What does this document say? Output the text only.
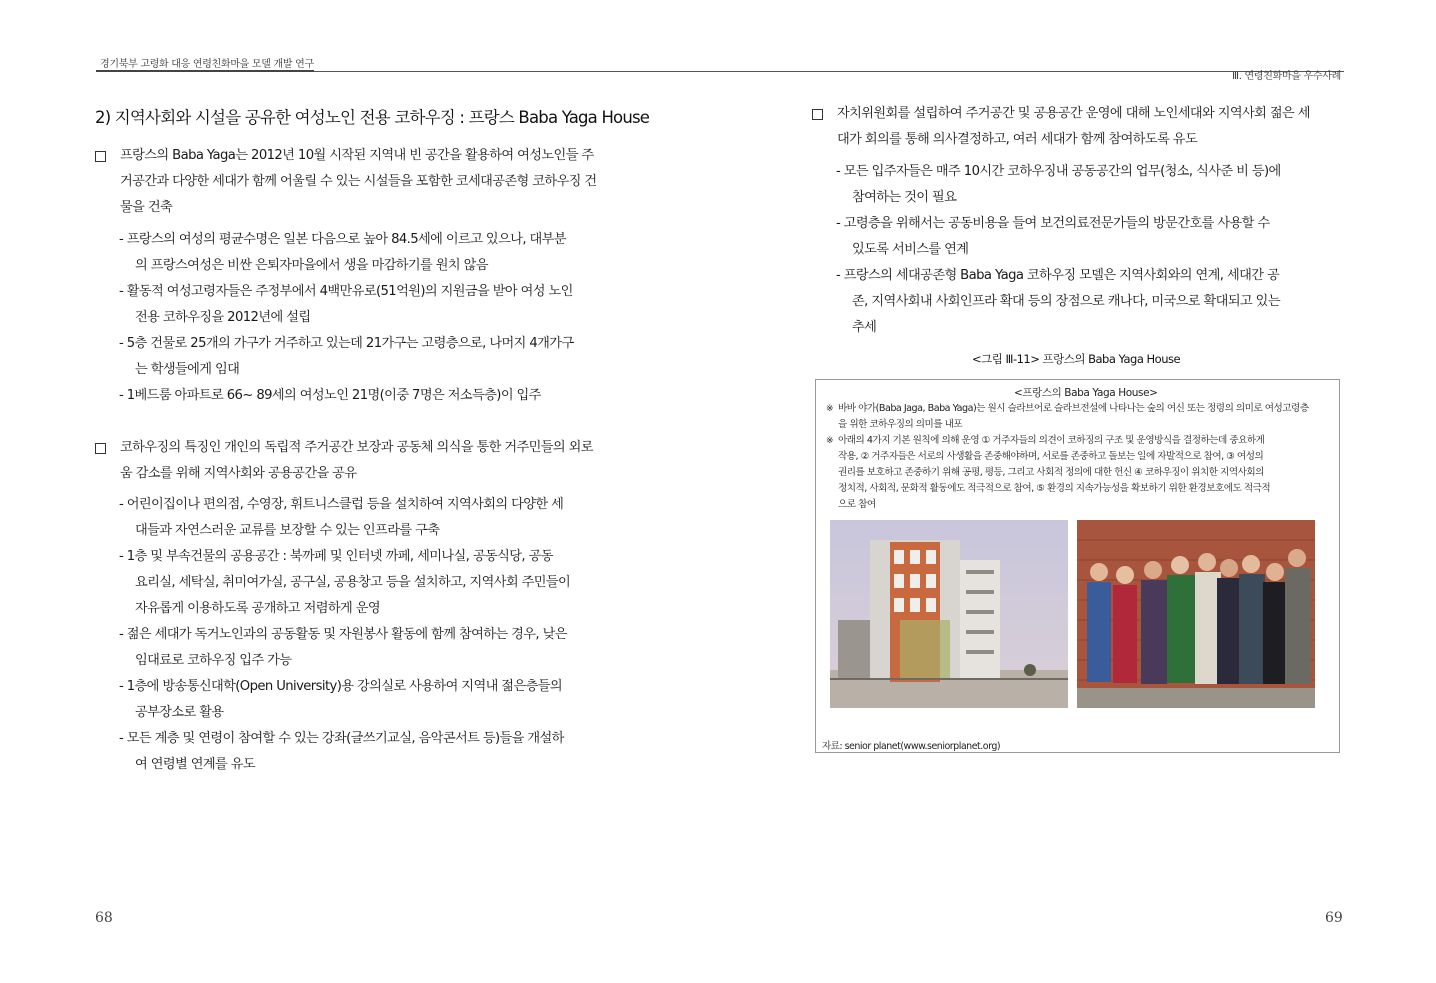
경기북부 고령화 대응 연령친화마을 모델 개발 연구
Ⅲ. 연령친화마을 우수사례
2) 지역사회와 시설을 공유한 여성노인 전용 코하우징 : 프랑스 Baba Yaga House
프랑스의 Baba Yaga는 2012년 10월 시작된 지역내 빈 공간을 활용하여 여성노인들 주
거공간과 다양한 세대가 함께 어울릴 수 있는 시설들을 포함한 코세대공존형 코하우징 건
물을 건축
- 프랑스의 여성의 평균수명은 일본 다음으로 높아 84.5세에 이르고 있으나, 대부분
의 프랑스여성은 비싼 은퇴자마을에서 생을 마감하기를 원치 않음
- 활동적 여성고령자들은 주정부에서 4백만유로(51억원)의 지원금을 받아 여성 노인
전용 코하우징을 2012년에 설립
- 5층 건물로 25개의 가구가 거주하고 있는데 21가구는 고령층으로, 나머지 4개가구
는 학생들에게 임대
- 1베드룸 아파트로 66~ 89세의 여성노인 21명(이중 7명은 저소득층)이 입주
코하우징의 특징인 개인의 독립적 주거공간 보장과 공동체 의식을 통한 거주민들의 외로
움 감소를 위해 지역사회와 공용공간을 공유
- 어린이집이나 편의점, 수영장, 휘트니스클럽 등을 설치하여 지역사회의 다양한 세
대들과 자연스러운 교류를 보장할 수 있는 인프라를 구축
- 1층 및 부속건물의 공용공간 : 북까페 및 인터넷 까페, 세미나실, 공동식당, 공동
요리실, 세탁실, 취미여가실, 공구실, 공용창고 등을 설치하고, 지역사회 주민들이
자유롭게 이용하도록 공개하고 저렴하게 운영
- 젊은 세대가 독거노인과의 공동활동 및 자원봉사 활동에 함께 참여하는 경우, 낮은
임대료로 코하우징 입주 가능
- 1층에 방송통신대학(Open University)용 강의실로 사용하여 지역내 젊은층들의
공부장소로 활용
- 모든 계층 및 연령이 참여할 수 있는 강좌(글쓰기교실, 음악콘서트 등)들을 개설하
여 연령별 연계를 유도
68
자치위원회를 설립하여 주거공간 및 공용공간 운영에 대해 노인세대와 지역사회 젊은 세
대가 회의를 통해 의사결정하고, 여러 세대가 함께 참여하도록 유도
- 모든 입주자들은 매주 10시간 코하우징내 공동공간의 업무(청소, 식사준 비 등)에
참여하는 것이 필요
- 고령층을 위해서는 공동비용을 들여 보건의료전문가들의 방문간호를 사용할 수
있도록 서비스를 연계
- 프랑스의 세대공존형 Baba Yaga 코하우징 모델은 지역사회와의 연계, 세대간 공
존, 지역사회내 사회인프라 확대 등의 장점으로 캐나다, 미국으로 확대되고 있는
추세
<그림 Ⅲ-11> 프랑스의 Baba Yaga House
<프랑스의 Baba Yaga House>
※ 바바 야가(Baba Jaga, Baba Yaga)는 원시 슬라브어로 슬라브전설에 나타나는 숲의 여신 또는 정령의 의미로 여성고령층
을 위한 코하우징의 의미를 내포
※ 아래의 4가지 기본 원칙에 의해 운영 ① 거주자들의 의견이 코하징의 구조 및 운영방식을 결정하는데 중요하게
작용, ② 거주자들은 서로의 사생활을 존중해야하며, 서로를 존중하고 돌보는 일에 자발적으로 참여, ③ 여성의
권리를 보호하고 존중하기 위해 공평, 평등, 그리고 사회적 정의에 대한 헌신 ④ 코하우징이 위치한 지역사회의
정치적, 사회적, 문화적 활동에도 적극적으로 참여, ⑤ 환경의 지속가능성을 확보하기 위한 환경보호에도 적극적
으로 참여
자료: senior planet(www.seniorplanet.org)
69
